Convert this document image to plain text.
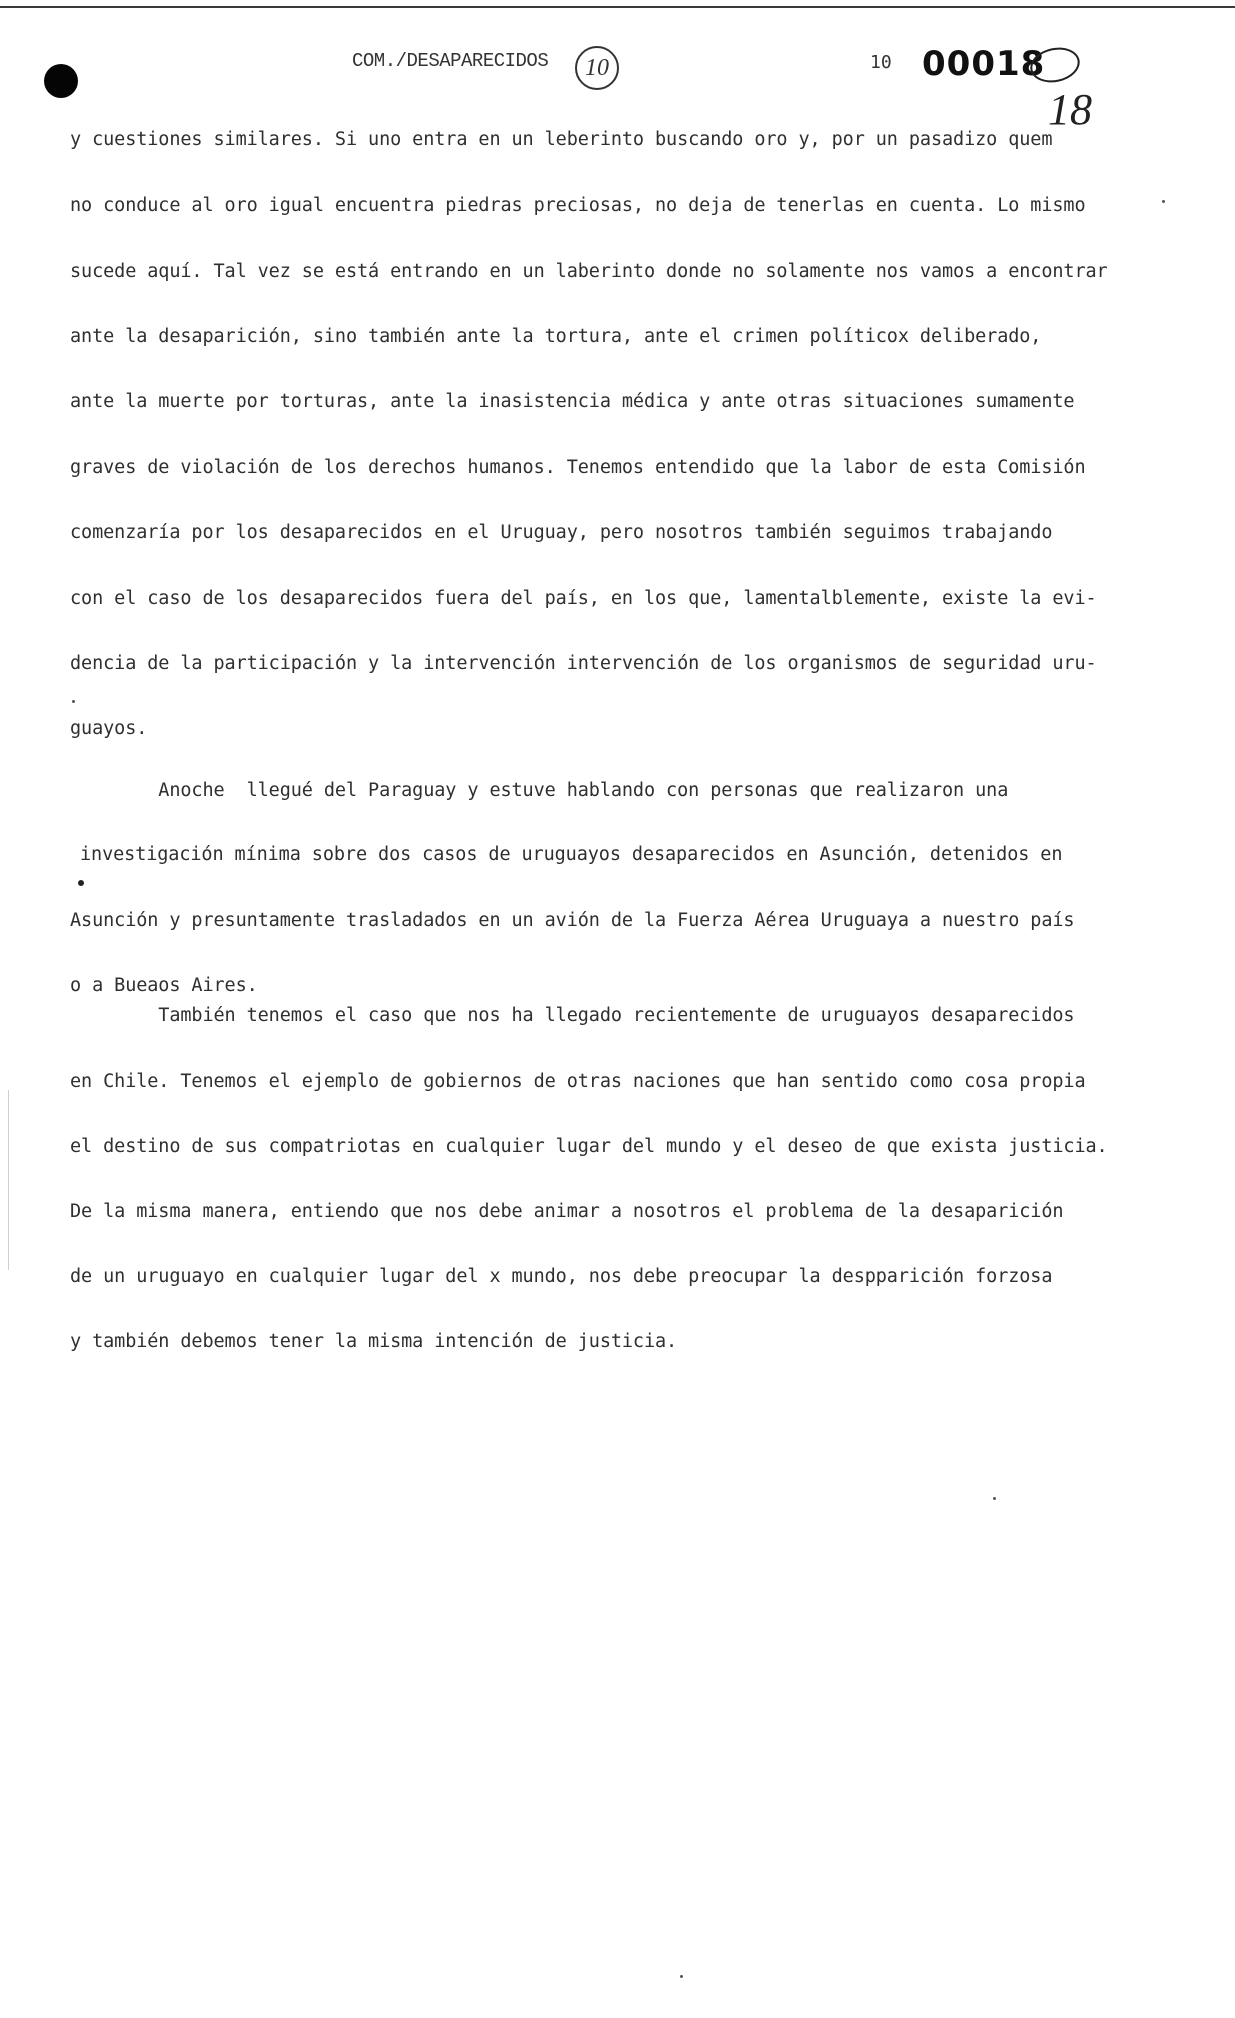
COM./DESAPARECIDOS	10	10 00018
18
y cuestiones similares. Si uno entra en un leberinto buscando oro y, por un pasadizo quem
no conduce al oro igual encuentra piedras preciosas, no deja de tenerlas en cuenta. Lo mismo
sucede aquí. Tal vez se está entrando en un laberinto donde no solamente nos vamos a encontrar
ante la desaparición, sino también ante la tortura, ante el crimen políticox deliberado,
ante la muerte por torturas, ante la inasistencia médica y ante otras situaciones sumamente
graves de violación de los derechos humanos. Tenemos entendido que la labor de esta Comisión
comenzaría por los desaparecidos en el Uruguay, pero nosotros también seguimos trabajando
con el caso de los desaparecidos fuera del país, en los que, lamentalblemente, existe la evi-
dencia de la participación y la intervención intervención de los organismos de seguridad uru-
guayos.
Anoche  llegué del Paraguay y estuve hablando con personas que realizaron una
investigación mínima sobre dos casos de uruguayos desaparecidos en Asunción, detenidos en
Asunción y presuntamente trasladados en un avión de la Fuerza Aérea Uruguaya a nuestro país
o a Bueaos Aires.
También tenemos el caso que nos ha llegado recientemente de uruguayos desaparecidos
en Chile. Tenemos el ejemplo de gobiernos de otras naciones que han sentido como cosa propia
el destino de sus compatriotas en cualquier lugar del mundo y el deseo de que exista justicia.
De la misma manera, entiendo que nos debe animar a nosotros el problema de la desaparición
de un uruguayo en cualquier lugar del x mundo, nos debe preocupar la despparición forzosa
y también debemos tener la misma intención de justicia.
